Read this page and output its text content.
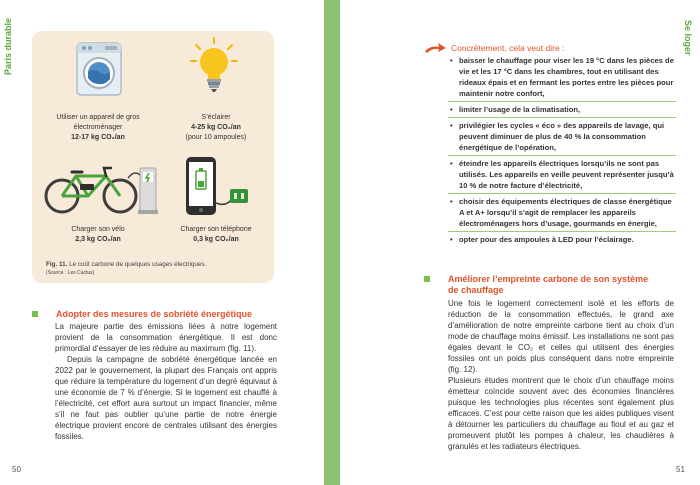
Paris durable
Utiliser un appareil de gros électroménager
12-17 kg CO₂/an
S’éclairer
4-25 kg CO₂/an
(pour 10 ampoules)
Charger son vélo
2,3 kg CO₂/an
Charger son téléphone
0,3 kg CO₂/an
Fig. 11. Le coût carbone de quelques usages électriques.
(Source : Les Cactus)
Adopter des mesures de sobriété énergétique

La majeure partie des émissions liées à notre logement provient de la consommation énergétique. Il est donc primordial d’essayer de les réduire au maximum (fig. 11).

Depuis la campagne de sobriété énergétique lancée en 2022 par le gouvernement, la plupart des Français ont appris que réduire la température du logement d’un degré équivaut à une économie de 7 % d’énergie. Si le logement est chauffé à l’électricité, cet effort aura surtout un impact financier, même s’il ne faut pas oublier qu’une partie de notre énergie électrique provient encore de centrales utilisant des énergies fossiles.

50
Se loger
Concrètement, cela veut dire :
• baisser le chauffage pour viser les 19 °C dans les pièces de vie et les 17 °C dans les chambres, tout en utilisant des rideaux épais et en fermant les portes entre les pièces pour maintenir notre confort,
• limiter l’usage de la climatisation,
• privilégier les cycles « éco » des appareils de lavage, qui peuvent diminuer de plus de 40 % la consommation énergétique de l’opération,
• éteindre les appareils électriques lorsqu’ils ne sont pas utilisés. Les appareils en veille peuvent représenter jusqu’à 10 % de notre facture d’électricité,
• choisir des équipements électriques de classe énergétique A et A+ lorsqu’il s’agit de remplacer les appareils électroménagers hors d’usage, gourmands en énergie,
• opter pour des ampoules à LED pour l’éclairage.
Améliorer l’empreinte carbone de son système
de chauffage

Une fois le logement correctement isolé et les efforts de réduction de la consommation effectués, le grand axe d’amélioration de notre empreinte carbone tient au choix d’un mode de chauffage moins émissif. Les installations ne sont pas égales devant le CO₂ et celles qui utilisent des énergies fossiles ont un poids plus conséquent dans notre empreinte (fig. 12).

Plusieurs études montrent que le choix d’un chauffage moins émetteur coïncide souvent avec des économies financières puisque les technologies plus récentes sont également plus efficaces. C’est pour cette raison que les aides publiques visent à détourner les particuliers du chauffage au fioul et au gaz et promeuvent plutôt les pompes à chaleur, les chaudières à granulés et les radiateurs électriques.

51
